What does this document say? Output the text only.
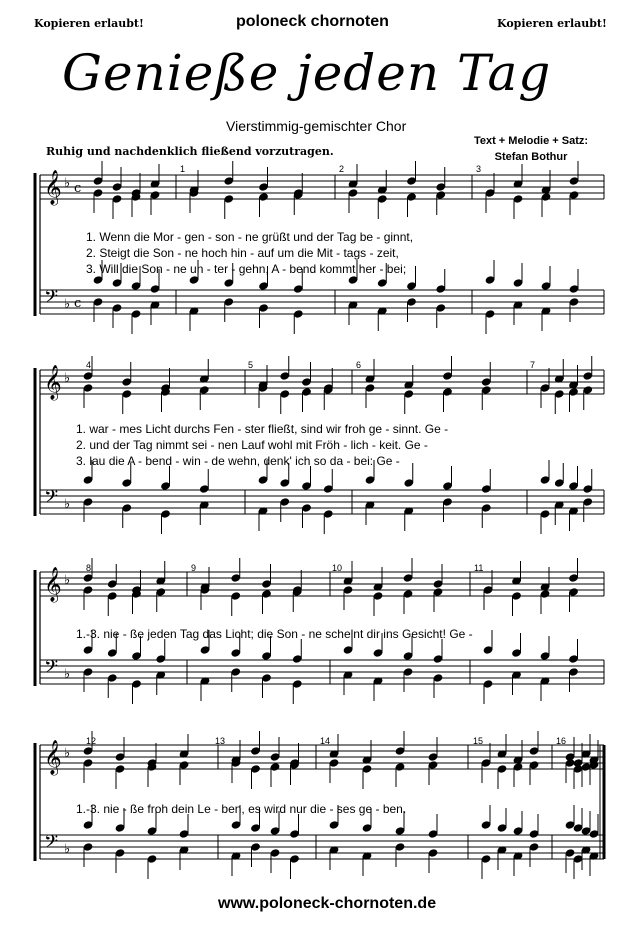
Kopieren erlaubt!	poloneck chornoten	Kopieren erlaubt!
Genieße jeden Tag
Vierstimmig-gemischter Chor
Text + Melodie + Satz:
Stefan Bothur
Ruhig und nachdenklich fließend vorzutragen.
𝄞
𝄢
♭
♭
c
c
𝄞
𝄢
♭
♭
𝄞
𝄢
♭
♭
𝄞
𝄢
♭
♭
1	2	3
1. Wenn die Mor - gen - son - ne grüßt und der Tag be - ginnt,
2. Steigt die Son - ne hoch hin - auf um die Mit - tags - zeit,
3. Will die Son - ne un - ter - gehn, A - bend kommt her - bei;
4	5	6	7
1. war - mes Licht durchs Fen - ster fließt, sind wir froh ge - sinnt. Ge -
2. und der Tag nimmt sei - nen Lauf wohl mit Fröh - lich - keit. Ge -
3. lau die A - bend - win - de wehn, denk' ich so da - bei: Ge -
8	9	10	11
1.-3. nie - ße jeden Tag das Licht; die Son - ne scheint dir ins Gesicht! Ge -
12	13	14	15	16
1.-3. nie - ße froh dein Le - ben, es wird nur die - ses ge - ben.
www.poloneck-chornoten.de
